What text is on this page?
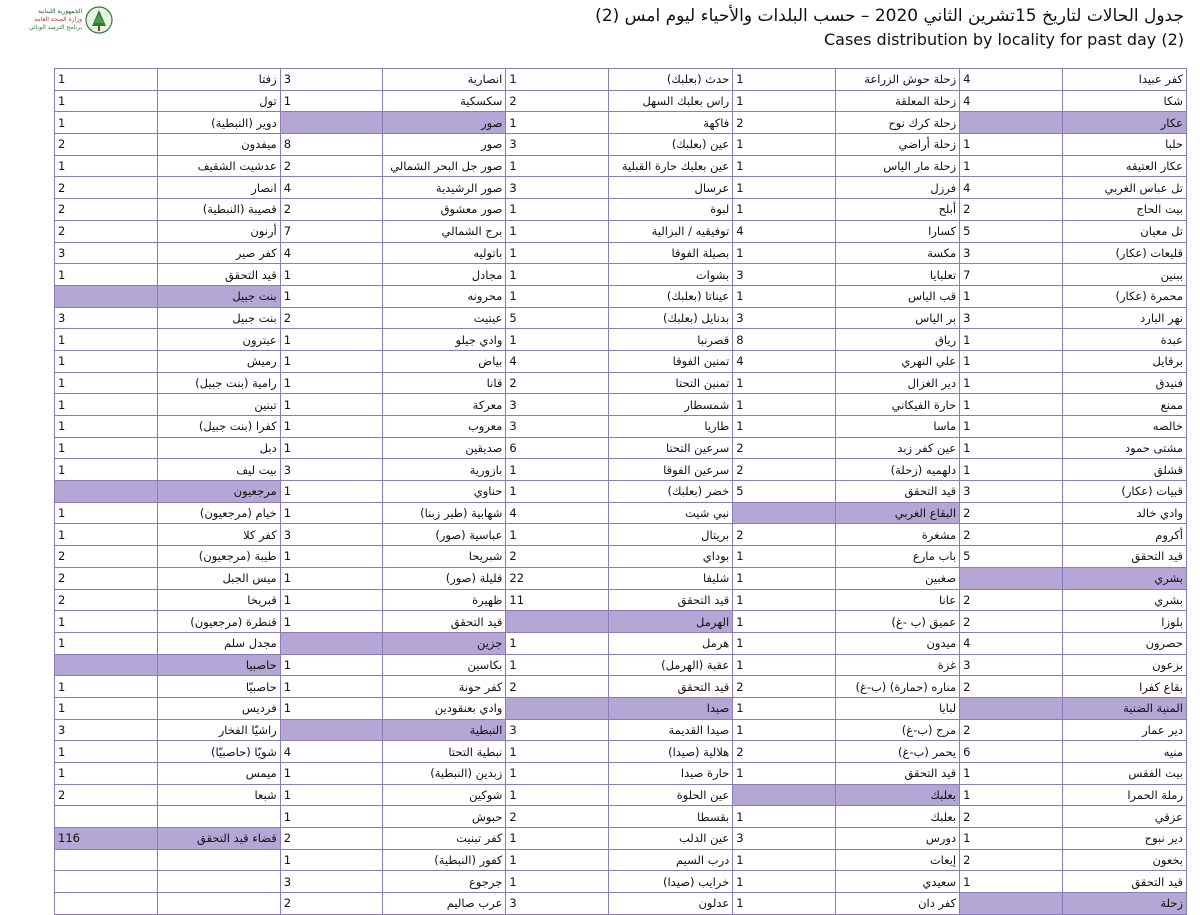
الجمهورية اللبنانية
وزارة الصحة العامة
برنامج الترصد الوبائي
جدول الحالات لتاريخ 15تشرين الثاني 2020 – حسب البلدات والأحياء ليوم امس (2)
Cases distribution by locality for past day (2)
كفر عبيدا	4	زحلة حوش الزراعة	1	حدث (بعلبك)	1	انصارية	3	زفتا	1
شكا	4	زحلة المعلقة	1	راس بعلبك السهل	2	سكسكية	1	تول	1
عكار		زحلة كرك نوح	2	فاكهة	1	صور		دوير (النبطية)	1
حلبا	1	زحلة أراضي	1	عين (بعلبك)	3	صور	8	ميفدون	2
عكار العتيقه	1	زحلة مار الياس	1	عين بعلبك حارة القبلية	1	صور جل البحر الشمالي	2	عدشيت الشقيف	1
تل عباس الغربي	4	فرزل	1	عرسال	3	صور الرشيدية	4	انصار	2
بيت الحاج	2	أبلح	1	لبوة	1	صور معشوق	2	قصيبة (النبطية)	2
تل معيان	5	كسارا	4	توفيقيه / البزالية	1	برج الشمالي	7	أرنون	2
قليعات (عكار)	3	مكسة	1	بصيلة الفوقا	1	باتوليه	4	كفر صير	3
ببنين	7	تعلبايا	3	بشوات	1	مجادل	1	قيد التحقق	1
محمرة (عكار)	1	قب الياس	1	عيناتا (بعلبك)	1	محرونه	1	بنت جبيل	
نهر البارد	3	بر الياس	3	بدنايل (بعلبك)	5	عيتيت	2	بنت جبيل	3
عبدة	1	رياق	8	قصرنبا	1	وادي جيلو	1	عيترون	1
برقايل	1	علي النهري	4	تمنين الفوقا	4	بياض	1	رميش	1
فنيدق	1	دير الغزال	1	تمنين التحتا	2	قانا	1	رامية (بنت جبيل)	1
ممنع	1	حارة الفيكاني	1	شمسطار	3	معركة	1	تبنين	1
خالصه	1	ماسا	1	طاريا	3	معروب	1	كفرا (بنت جبيل)	1
مشتى حمود	1	عين كفر زبد	2	سرعين التحتا	6	صديقين	1	دبل	1
قشلق	1	دلهميه (زحلة)	2	سرعين الفوقا	1	بازورية	3	بيت ليف	1
قبيات (عكار)	3	قيد التحقق	5	خضر (بعلبك)	1	حناوي	1	مرجعيون	
وادي خالد	2	البقاع الغربي		نبي شيت	4	شهابية (طير زبنا)	1	خيام (مرجعيون)	1
أكروم	2	مشغرة	2	بريتال	1	عباسية (صور)	3	كفر كلا	1
قيد التحقق	5	باب مارع	1	بوداي	2	شبريحا	1	طيبة (مرجعيون)	2
بشري		صغبين	1	شليفا	22	قليلة (صور)	1	ميس الجبل	2
بشري	2	عانا	1	قيد التحقق	11	ظهيرة	1	قبريخا	2
بلوزا	2	عميق (ب -غ)	1	الهرمل		قيد التحقق	1	قنطرة (مرجعيون)	1
حصرون	4	ميدون	1	هرمل	1	جزين		مجدل سلم	1
بزعون	3	غزة	1	عقبة (الهرمل)	1	بكاسين	1	حاصبيا	
بقاع كفرا	2	مناره (حمارة) (ب-غ)	2	قيد التحقق	2	كفر حونة	1	حاصبيّا	1
المنية الضنية		لبايا	1	صيدا		وادي بعنقودين	1	فرديس	1
دير عمار	2	مرج (ب-غ)	1	صيدا القديمة	3	النبطية		راشيّا الفخار	3
منيه	6	يحمر (ب-غ)	2	هلالية (صيدا)	1	نبطية التحتا	4	شويّا (حاصبيّا)	1
بيت الفقس	1	قيد التحقق	1	حارة صيدا	1	زبدين (النبطية)	1	ميمس	1
رملة الحمرا	1	بعلبك		عين الحلوة	1	شوكين	1	شبعا	2
عزقي	2	بعلبك	1	بقسطا	2	حبوش	1		
دير نبوح	1	دورس	3	عين الدلب	1	كفر تبنيت	2	قضاء قيد التحقق	116
بخعون	2	إيعات	1	درب السيم	1	كفور (النبطية)	1		
قيد التحقق	1	سعيدي	1	خرايب (صيدا)	1	جرجوع	3		
زحلة		كفر دان	1	عدلون	3	عرب صاليم	2		
